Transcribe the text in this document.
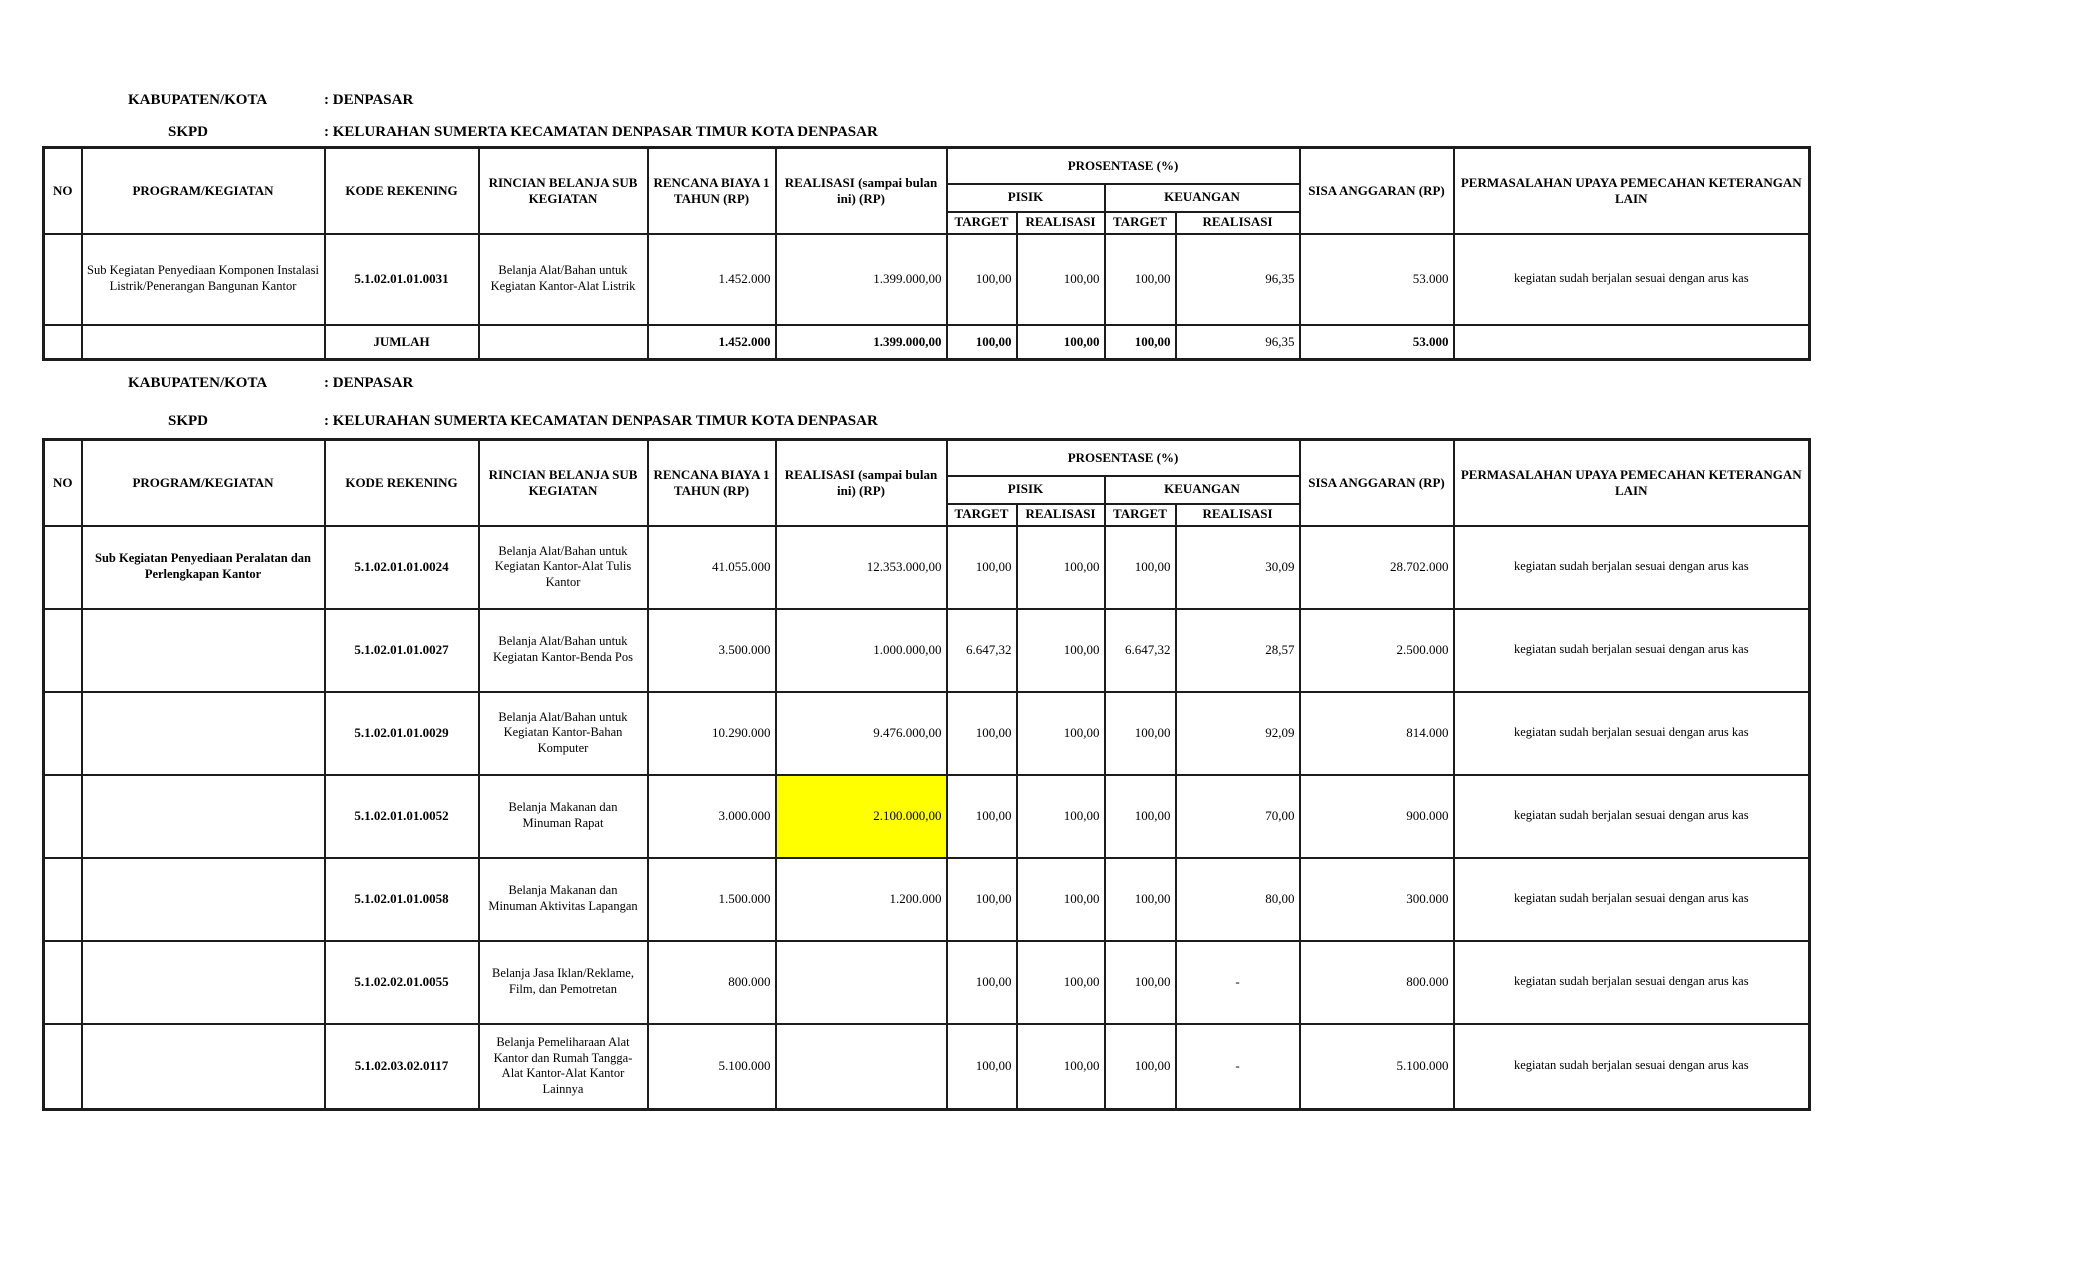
KABUPATEN/KOTA	: DENPASAR
SKPD	: KELURAHAN SUMERTA KECAMATAN DENPASAR TIMUR KOTA DENPASAR
NO	PROGRAM/KEGIATAN	KODE REKENING	RINCIAN BELANJA SUB KEGIATAN	RENCANA BIAYA 1 TAHUN (RP)	REALISASI (sampai bulan ini) (RP)	PROSENTASE (%)				SISA ANGGARAN (RP)	PERMASALAHAN UPAYA PEMECAHAN KETERANGAN LAIN
						PISIK		KEUANGAN			
						TARGET	REALISASI	TARGET	REALISASI		
	Sub Kegiatan Penyediaan Komponen Instalasi Listrik/Penerangan Bangunan Kantor	5.1.02.01.01.0031	Belanja Alat/Bahan untuk Kegiatan Kantor-Alat Listrik	1.452.000	1.399.000,00	100,00	100,00	100,00	96,35	53.000	kegiatan sudah berjalan sesuai dengan arus kas
		JUMLAH		1.452.000	1.399.000,00	100,00	100,00	100,00	96,35	53.000	
KABUPATEN/KOTA	: DENPASAR
SKPD	: KELURAHAN SUMERTA KECAMATAN DENPASAR TIMUR KOTA DENPASAR
NO	PROGRAM/KEGIATAN	KODE REKENING	RINCIAN BELANJA SUB KEGIATAN	RENCANA BIAYA 1 TAHUN (RP)	REALISASI (sampai bulan ini) (RP)	PROSENTASE (%)				SISA ANGGARAN (RP)	PERMASALAHAN UPAYA PEMECAHAN KETERANGAN LAIN
						PISIK		KEUANGAN			
						TARGET	REALISASI	TARGET	REALISASI		
	Sub Kegiatan Penyediaan Peralatan dan Perlengkapan Kantor	5.1.02.01.01.0024	Belanja Alat/Bahan untuk Kegiatan Kantor-Alat Tulis Kantor	41.055.000	12.353.000,00	100,00	100,00	100,00	30,09	28.702.000	kegiatan sudah berjalan sesuai dengan arus kas
		5.1.02.01.01.0027	Belanja Alat/Bahan untuk Kegiatan Kantor-Benda Pos	3.500.000	1.000.000,00	6.647,32	100,00	6.647,32	28,57	2.500.000	kegiatan sudah berjalan sesuai dengan arus kas
		5.1.02.01.01.0029	Belanja Alat/Bahan untuk Kegiatan Kantor-Bahan Komputer	10.290.000	9.476.000,00	100,00	100,00	100,00	92,09	814.000	kegiatan sudah berjalan sesuai dengan arus kas
		5.1.02.01.01.0052	Belanja Makanan dan Minuman Rapat	3.000.000	2.100.000,00	100,00	100,00	100,00	70,00	900.000	kegiatan sudah berjalan sesuai dengan arus kas
		5.1.02.01.01.0058	Belanja Makanan dan Minuman Aktivitas Lapangan	1.500.000	1.200.000	100,00	100,00	100,00	80,00	300.000	kegiatan sudah berjalan sesuai dengan arus kas
		5.1.02.02.01.0055	Belanja Jasa Iklan/Reklame, Film, dan Pemotretan	800.000		100,00	100,00	100,00	-	800.000	kegiatan sudah berjalan sesuai dengan arus kas
		5.1.02.03.02.0117	Belanja Pemeliharaan Alat Kantor dan Rumah Tangga-Alat Kantor-Alat Kantor Lainnya	5.100.000		100,00	100,00	100,00	-	5.100.000	kegiatan sudah berjalan sesuai dengan arus kas
